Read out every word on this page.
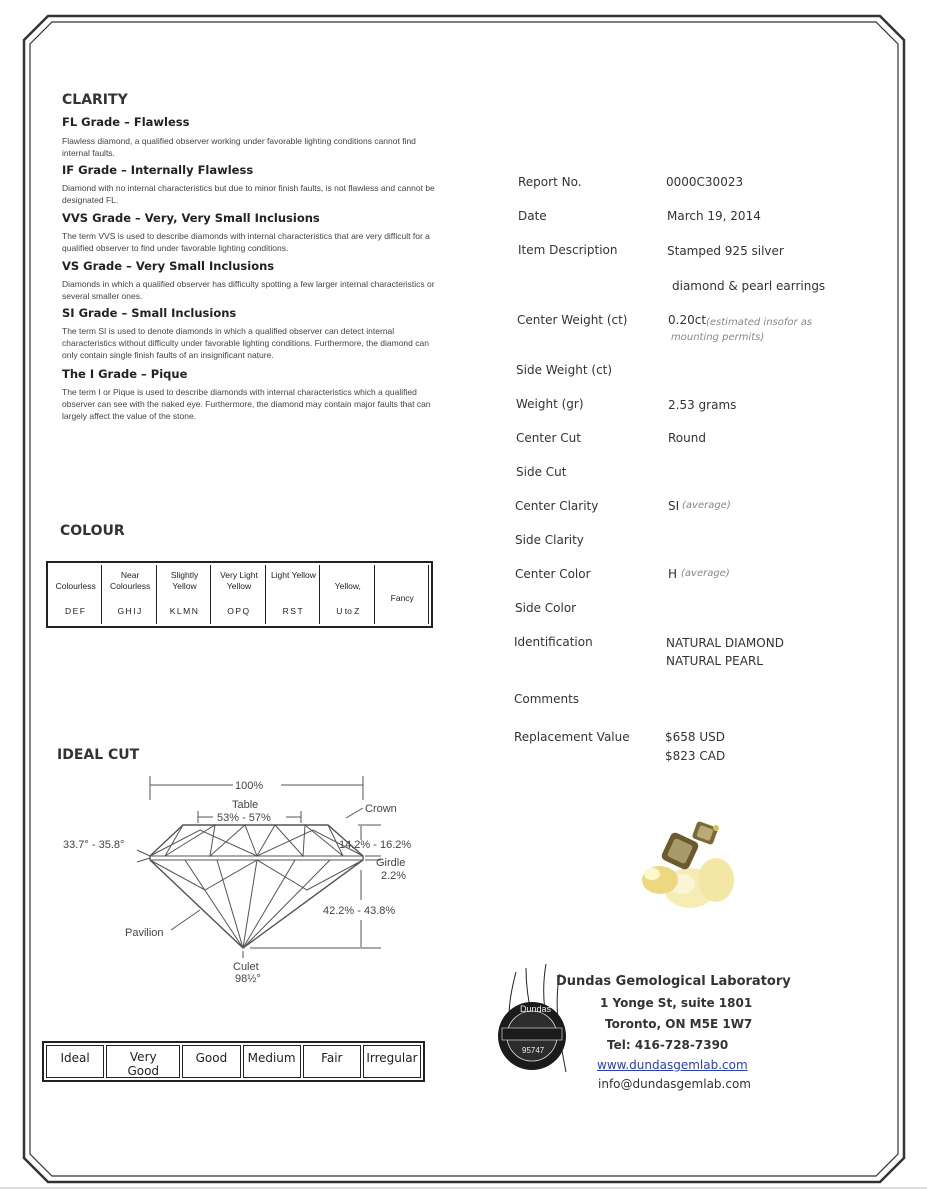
CLARITY
FL Grade – Flawless
Flawless diamond, a qualified observer working under favorable lighting conditions cannot find internal faults.
IF Grade – Internally Flawless
Diamond with no internal characteristics but due to minor finish faults, is not flawless and cannot be designated FL.
VVS Grade – Very, Very Small Inclusions
The term VVS is used to describe diamonds with internal characteristics that are very difficult for a qualified observer to find under favorable lighting conditions.
VS Grade – Very Small Inclusions
Diamonds in which a qualified observer has difficulty spotting a few larger internal characteristics or several smaller ones.
SI Grade – Small Inclusions
The term SI is used to denote diamonds in which a qualified observer can detect internal characteristics without difficulty under favorable lighting conditions. Furthermore, the diamond can only contain single finish faults of an insignificant nature.
The I Grade – Pique
The term I or Pique is used to describe diamonds with internal characteristics which a qualified observer can see with the naked eye. Furthermore, the diamond may contain major faults that can largely affect the value of the stone.
COLOUR
Colourless
DEF
Near Colourless
GHIJ
Slightly Yellow
KLMN
Very Light Yellow
OPQ
Light Yellow
RST
Yellow,
U to Z
Fancy
IDEAL CUT
100%
Table
53% - 57%
Crown
33.7° - 35.8°	14.2% - 16.2%
Girdle
2.2%
42.2% - 43.8%
Pavilion
Culet
98½°
Ideal	Very Good
Good	Medium	Fair	Irregular
Report No.	0000C30023
Date	March 19, 2014
Item Description	Stamped 925 silver
diamond & pearl earrings
Center Weight (ct)	0.20ct (estimated insofor as mounting permits)
Side Weight (ct)
Weight (gr)	2.53 grams
Center Cut	Round
Side Cut
Center Clarity	SI (average)
Side Clarity
Center Color	H (average)
Side Color
Identification	NATURAL DIAMOND
NATURAL PEARL
Comments
Replacement Value	$658 USD
$823 CAD
Dundas
95747
Dundas Gemological Laboratory
1 Yonge St, suite 1801
Toronto, ON M5E 1W7
Tel: 416-728-7390
www.dundasgemlab.com
info@dundasgemlab.com
